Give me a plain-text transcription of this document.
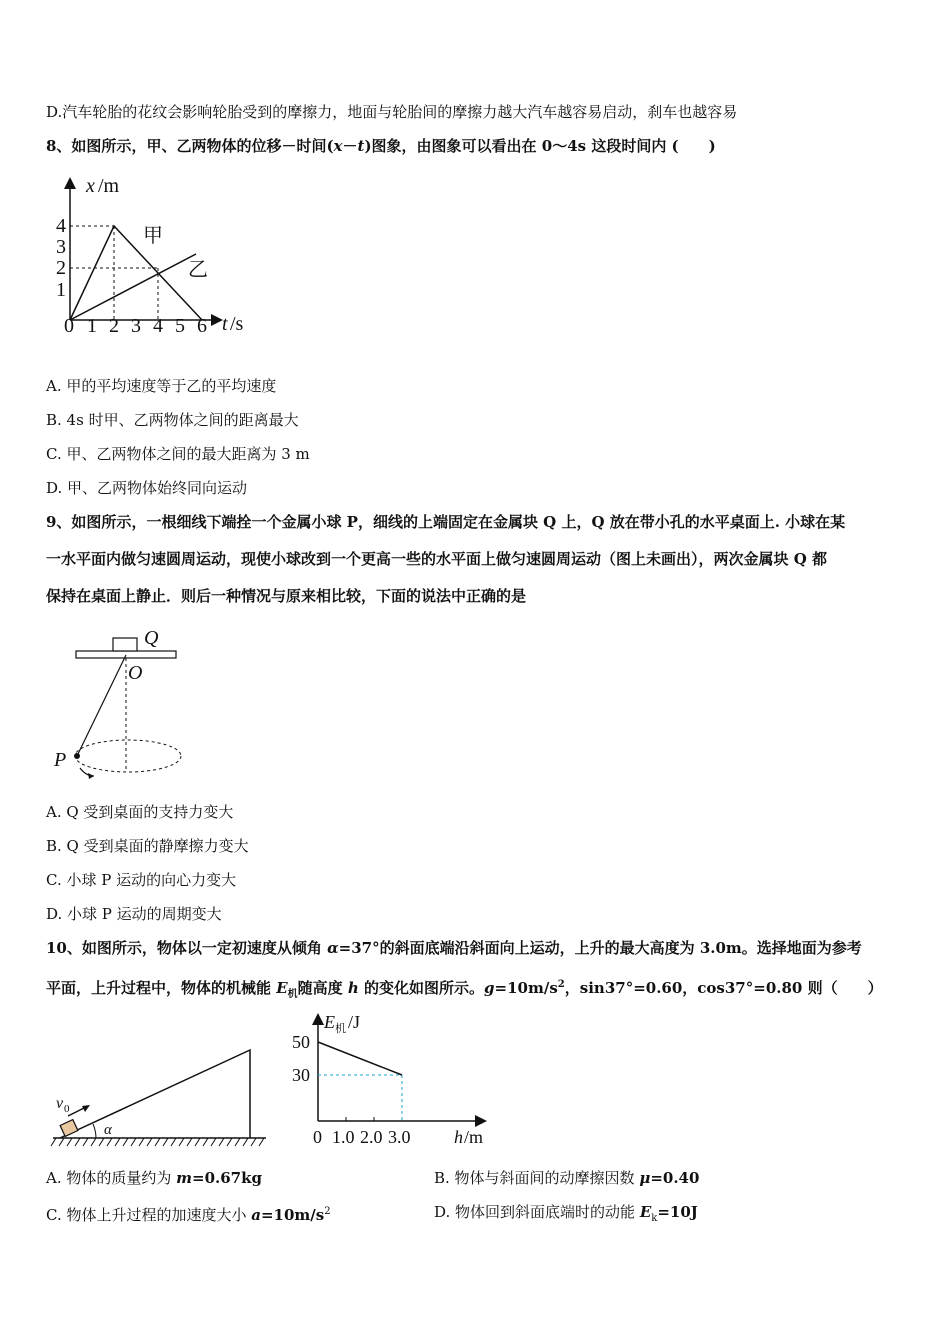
D.汽车轮胎的花纹会影响轮胎受到的摩擦力，地面与轮胎间的摩擦力越大汽车越容易启动，刹车也越容易
8、如图所示，甲、乙两物体的位移－时间(x－t)图象，由图象可以看出在 0～4s 这段时间内 (　　)
x /m
t /s
4
3
2
1
0 1 2 3 4 5 6
甲
乙
A. 甲的平均速度等于乙的平均速度
B. 4s 时甲、乙两物体之间的距离最大
C. 甲、乙两物体之间的最大距离为 3 m
D. 甲、乙两物体始终同向运动
9、如图所示，一根细线下端拴一个金属小球 P，细线的上端固定在金属块 Q 上，Q 放在带小孔的水平桌面上. 小球在某
一水平面内做匀速圆周运动，现使小球改到一个更高一些的水平面上做匀速圆周运动（图上未画出），两次金属块 Q 都
保持在桌面上静止．则后一种情况与原来相比较，下面的说法中正确的是
Q
O
P
A. Q 受到桌面的支持力变大
B. Q 受到桌面的静摩擦力变大
C. 小球 P 运动的向心力变大
D. 小球 P 运动的周期变大
10、如图所示，物体以一定初速度从倾角 α=37°的斜面底端沿斜面向上运动，上升的最大高度为 3.0m。选择地面为参考
平面，上升过程中，物体的机械能 $E_机$随高度 h 的变化如图所示。$g=10m/s^2$，sin37°=0.60，cos37°=0.80 则（　　）
v 0
α
E 机 /J
h /m
50
30
0 1.0 2.0 3.0
A. 物体的质量约为 m=0.67kg	B. 物体与斜面间的动摩擦因数 μ=0.40
C. 物体上升过程的加速度大小 $a=10m/s^2$	D. 物体回到斜面底端时的动能 $E_k=10J$
